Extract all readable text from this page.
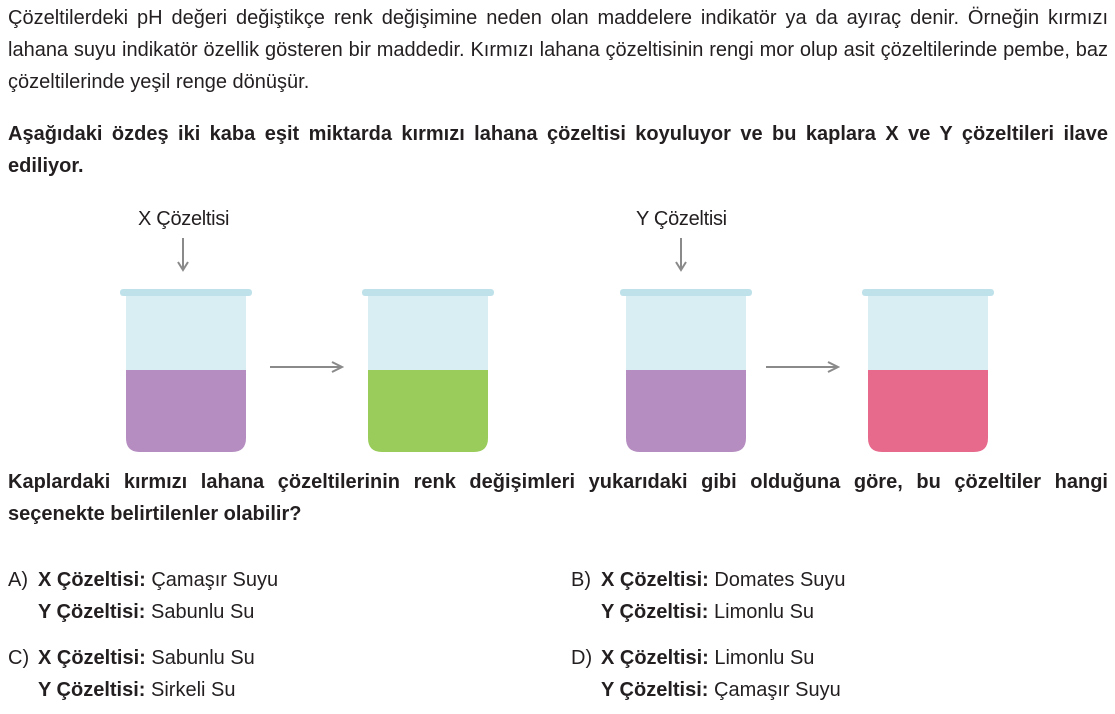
Çözeltilerdeki pH değeri değiştikçe renk değişimine neden olan maddelere indikatör ya da ayıraç denir. Örneğin kırmızı lahana suyu indikatör özellik gösteren bir maddedir. Kırmızı lahana çözeltisinin rengi mor olup asit çözeltilerinde pembe, baz çözeltilerinde yeşil renge dönüşür.
Aşağıdaki özdeş iki kaba eşit miktarda kırmızı lahana çözeltisi koyuluyor ve bu kaplara X ve Y çözeltileri ilave ediliyor.
X Çözeltisi	Y Çözeltisi
Kaplardaki kırmızı lahana çözeltilerinin renk değişimleri yukarıdaki gibi olduğuna göre, bu çözeltiler hangi seçenekte belirtilenler olabilir?
A) X Çözeltisi: Çamaşır Suyu
Y Çözeltisi: Sabunlu Su
B) X Çözeltisi: Domates Suyu
Y Çözeltisi: Limonlu Su
C) X Çözeltisi: Sabunlu Su
Y Çözeltisi: Sirkeli Su
D) X Çözeltisi: Limonlu Su
Y Çözeltisi: Çamaşır Suyu
